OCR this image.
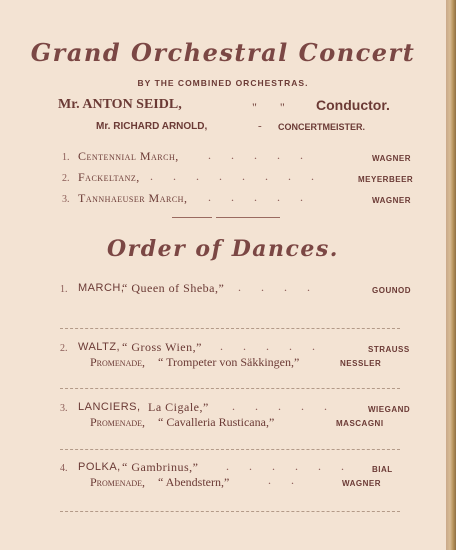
Grand Orchestral Concert
BY THE COMBINED ORCHESTRAS.
Mr. ANTON SEIDL,	" " Conductor.
Mr. RICHARD ARNOLD,	- CONCERTMEISTER.
1. Centennial March, .....	WAGNER
2. Fackeltanz, ........	MEYERBEER
3. Tannhaeuser March, .....	WAGNER
Order of Dances.
1. MARCH,
“ Queen of Sheba,” ....	GOUNOD
2. WALTZ, “ Gross Wien,” .....	STRAUSS
Promenade, “ Trompeter von Säkkingen,”	NESSLER
3. LANCIERS, La Cigale,” .....	WIEGAND
Promenade, “ Cavalleria Rusticana,”	MASCAGNI
4. POLKA, “ Gambrinus,” ...... BIAL
Promenade, “ Abendstern,”	..	WAGNER
